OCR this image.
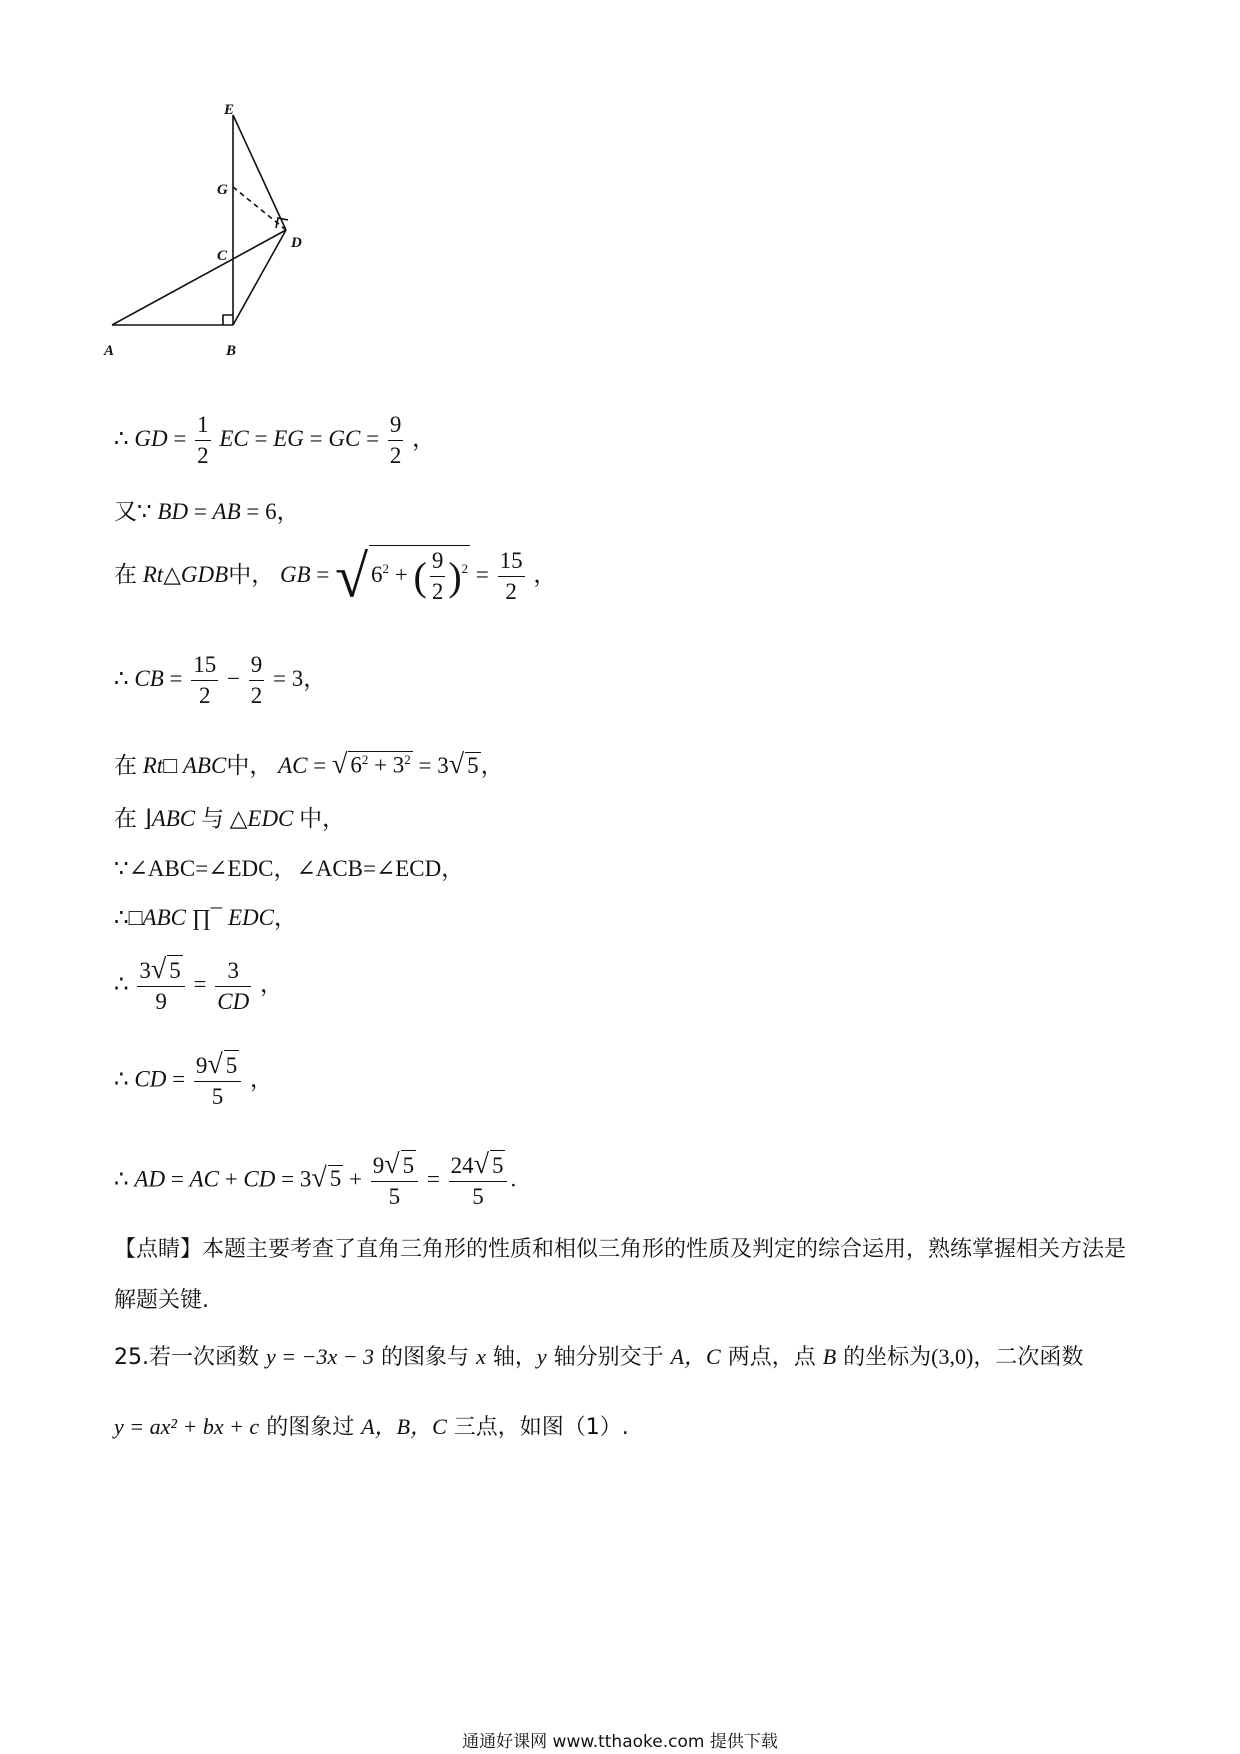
E
G
C
D
A	B
∴ GD = $\frac{1}{2}$ EC = EG = GC = $\frac{9}{2}$ ，
又∵ BD = AB = 6，
在 Rt△GDB中， GB = √ $6^2$ + ( $\frac{9}{2} )^2 = \frac{15}{2}$ ，
∴ CB = $\frac{15}{2} - \frac{9}{2} = 3$，
在 Rt□ ABC中， AC = √ $6^2 + 3^2 = 3√$ 5，
在 ⌋ABC 与 △EDC 中，
∵∠ABC=∠EDC，∠ACB=∠ECD，
∴□ABC ∏¯ EDC，
∴ $\frac{3√ 5}{9} = \frac{3}{CD}$ ，
∴ CD = $\frac{9√ 5}{5}$ ，
∴ AD = AC + CD = 3√ $5 + \frac{9√ 5}{5} = \frac{24√ 5}{5}$ .
【点睛】本题主要考查了直角三角形的性质和相似三角形的性质及判定的综合运用，熟练掌握相关方法是
解题关键.
25.若一次函数 y = −3x − 3 的图象与 x 轴，y 轴分别交于 A，C 两点，点 B 的坐标为(3,0)，二次函数
y = ax² + bx + c 的图象过 A，B，C 三点，如图（1）.
通通好课网 www.tthaoke.com 提供下载
